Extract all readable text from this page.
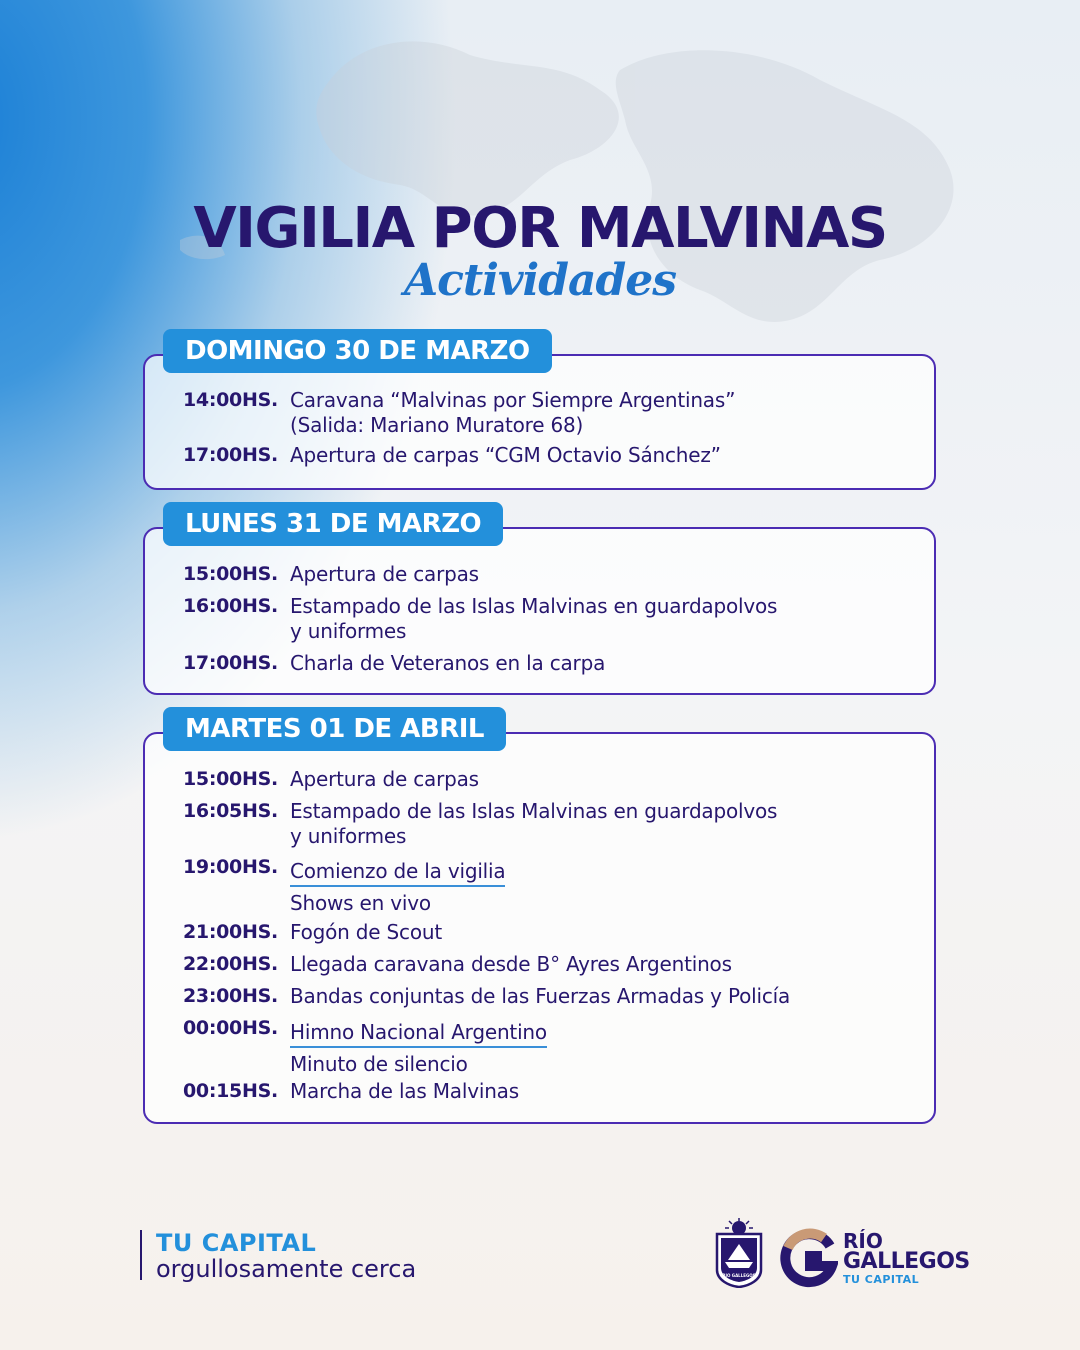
VIGILIA POR MALVINAS
Actividades
DOMINGO 30 DE MARZO
14:00HS. Caravana “Malvinas por Siempre Argentinas”
(Salida: Mariano Muratore 68)
17:00HS. Apertura de carpas “CGM Octavio Sánchez”
LUNES 31 DE MARZO
15:00HS. Apertura de carpas
16:00HS. Estampado de las Islas Malvinas en guardapolvos
y uniformes
17:00HS. Charla de Veteranos en la carpa
MARTES 01 DE ABRIL
15:00HS. Apertura de carpas
16:05HS. Estampado de las Islas Malvinas en guardapolvos
y uniformes
19:00HS. Comienzo de la vigilia
Shows en vivo
21:00HS. Fogón de Scout
22:00HS. Llegada caravana desde B° Ayres Argentinos
23:00HS. Bandas conjuntas de las Fuerzas Armadas y Policía
00:00HS. Himno Nacional Argentino
Minuto de silencio
00:15HS. Marcha de las Malvinas
TU CAPITAL
orgullosamente cerca	RIO GALLEGOS
RÍO
GALLEGOS
TU CAPITAL
